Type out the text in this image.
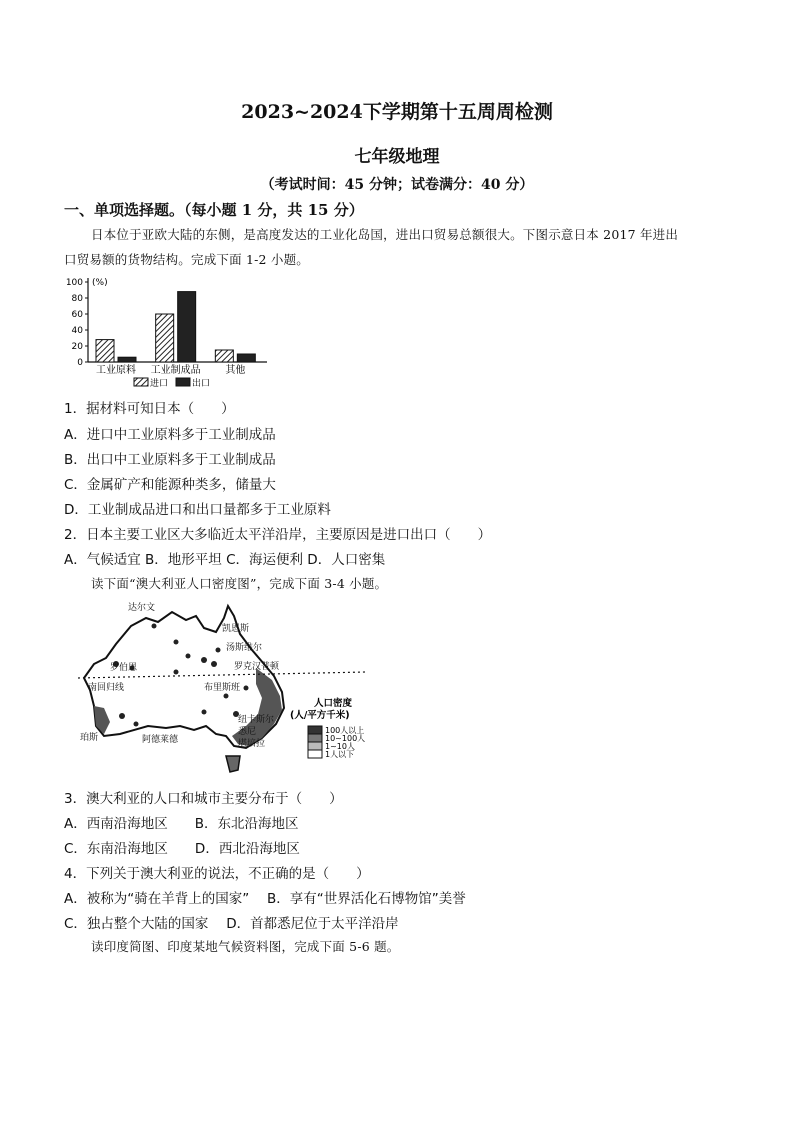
2023~2024下学期第十五周周检测
七年级地理
（考试时间：45 分钟；试卷满分：40 分）
一、单项选择题。（每小题 1 分，共 15 分）
日本位于亚欧大陆的东侧，是高度发达的工业化岛国，进出口贸易总额很大。下图示意日本 2017 年进出
口贸易额的货物结构。完成下面 1-2 小题。
(%)
100
80
60
40
20
0
工业原料 工业制成品 其他
进口	出口
1．据材料可知日本（　　）
A．进口中工业原料多于工业制成品
B．出口中工业原料多于工业制成品
C．金属矿产和能源种类多，储量大
D．工业制成品进口和出口量都多于工业原料
2．日本主要工业区大多临近太平洋沿岸，主要原因是进口出口（　　）
A．气候适宜 B．地形平坦 C．海运便利 D．人口密集
读下面“澳大利亚人口密度图”，完成下面 3-4 小题。
达尔文
凯恩斯
汤斯维尔
罗克汉普顿
罗伯恩
南回归线	布里斯班
纽卡斯尔
悉尼
堪培拉
珀斯	阿德莱德
人口密度
(人/平方千米)
100人以上
10~100人
1~10人
1人以下
3．澳大利亚的人口和城市主要分布于（　　）
A．西南沿海地区　　B．东北沿海地区
C．东南沿海地区　　D．西北沿海地区
4．下列关于澳大利亚的说法，不正确的是（　　）
A．被称为“骑在羊背上的国家”　 B．享有“世界活化石博物馆”美誉
C．独占整个大陆的国家　 D．首都悉尼位于太平洋沿岸
读印度简图、印度某地气候资料图，完成下面 5-6 题。
